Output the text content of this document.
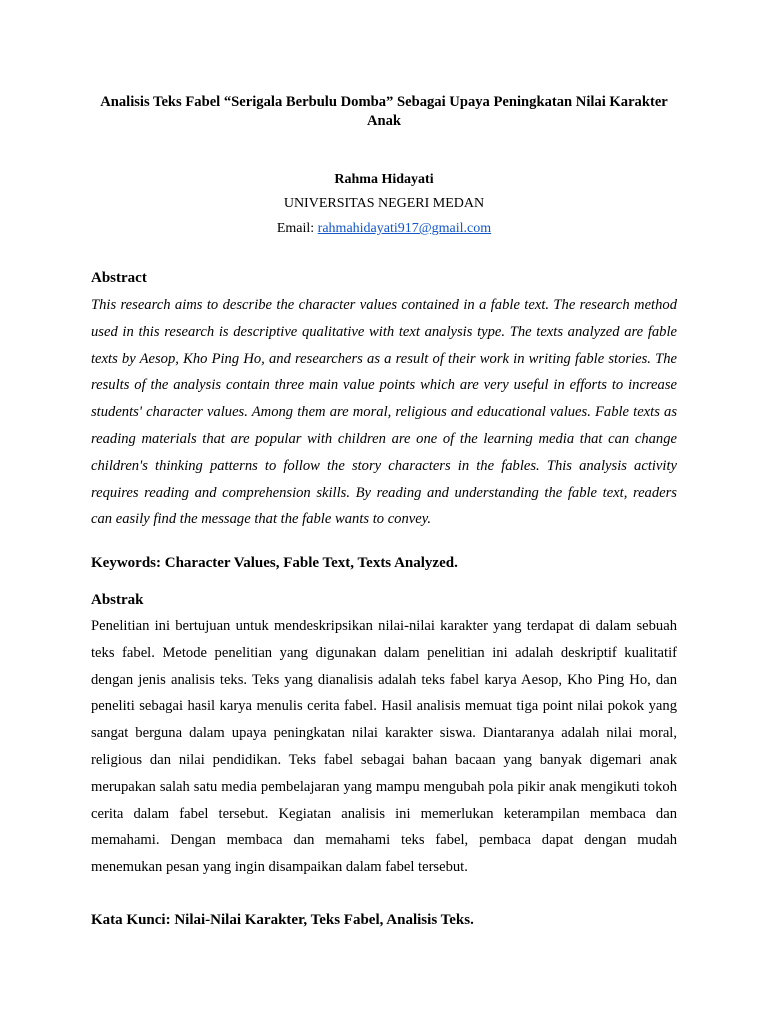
Analisis Teks Fabel “Serigala Berbulu Domba” Sebagai Upaya Peningkatan Nilai Karakter Anak
Rahma Hidayati
UNIVERSITAS NEGERI MEDAN
Email: rahmahidayati917@gmail.com
Abstract
This research aims to describe the character values contained in a fable text. The research method used in this research is descriptive qualitative with text analysis type. The texts analyzed are fable texts by Aesop, Kho Ping Ho, and researchers as a result of their work in writing fable stories. The results of the analysis contain three main value points which are very useful in efforts to increase students' character values. Among them are moral, religious and educational values. Fable texts as reading materials that are popular with children are one of the learning media that can change children's thinking patterns to follow the story characters in the fables. This analysis activity requires reading and comprehension skills. By reading and understanding the fable text, readers can easily find the message that the fable wants to convey.
Keywords: Character Values, Fable Text, Texts Analyzed.
Abstrak
Penelitian ini bertujuan untuk mendeskripsikan nilai-nilai karakter yang terdapat di dalam sebuah teks fabel. Metode penelitian yang digunakan dalam penelitian ini adalah deskriptif kualitatif dengan jenis analisis teks. Teks yang dianalisis adalah teks fabel karya Aesop, Kho Ping Ho, dan peneliti sebagai hasil karya menulis cerita fabel. Hasil analisis memuat tiga point nilai pokok yang sangat berguna dalam upaya peningkatan nilai karakter siswa. Diantaranya adalah nilai moral, religious dan nilai pendidikan. Teks fabel sebagai bahan bacaan yang banyak digemari anak merupakan salah satu media pembelajaran yang mampu mengubah pola pikir anak mengikuti tokoh cerita dalam fabel tersebut. Kegiatan analisis ini memerlukan keterampilan membaca dan memahami. Dengan membaca dan memahami teks fabel, pembaca dapat dengan mudah menemukan pesan yang ingin disampaikan dalam fabel tersebut.
Kata Kunci: Nilai-Nilai Karakter, Teks Fabel, Analisis Teks.
